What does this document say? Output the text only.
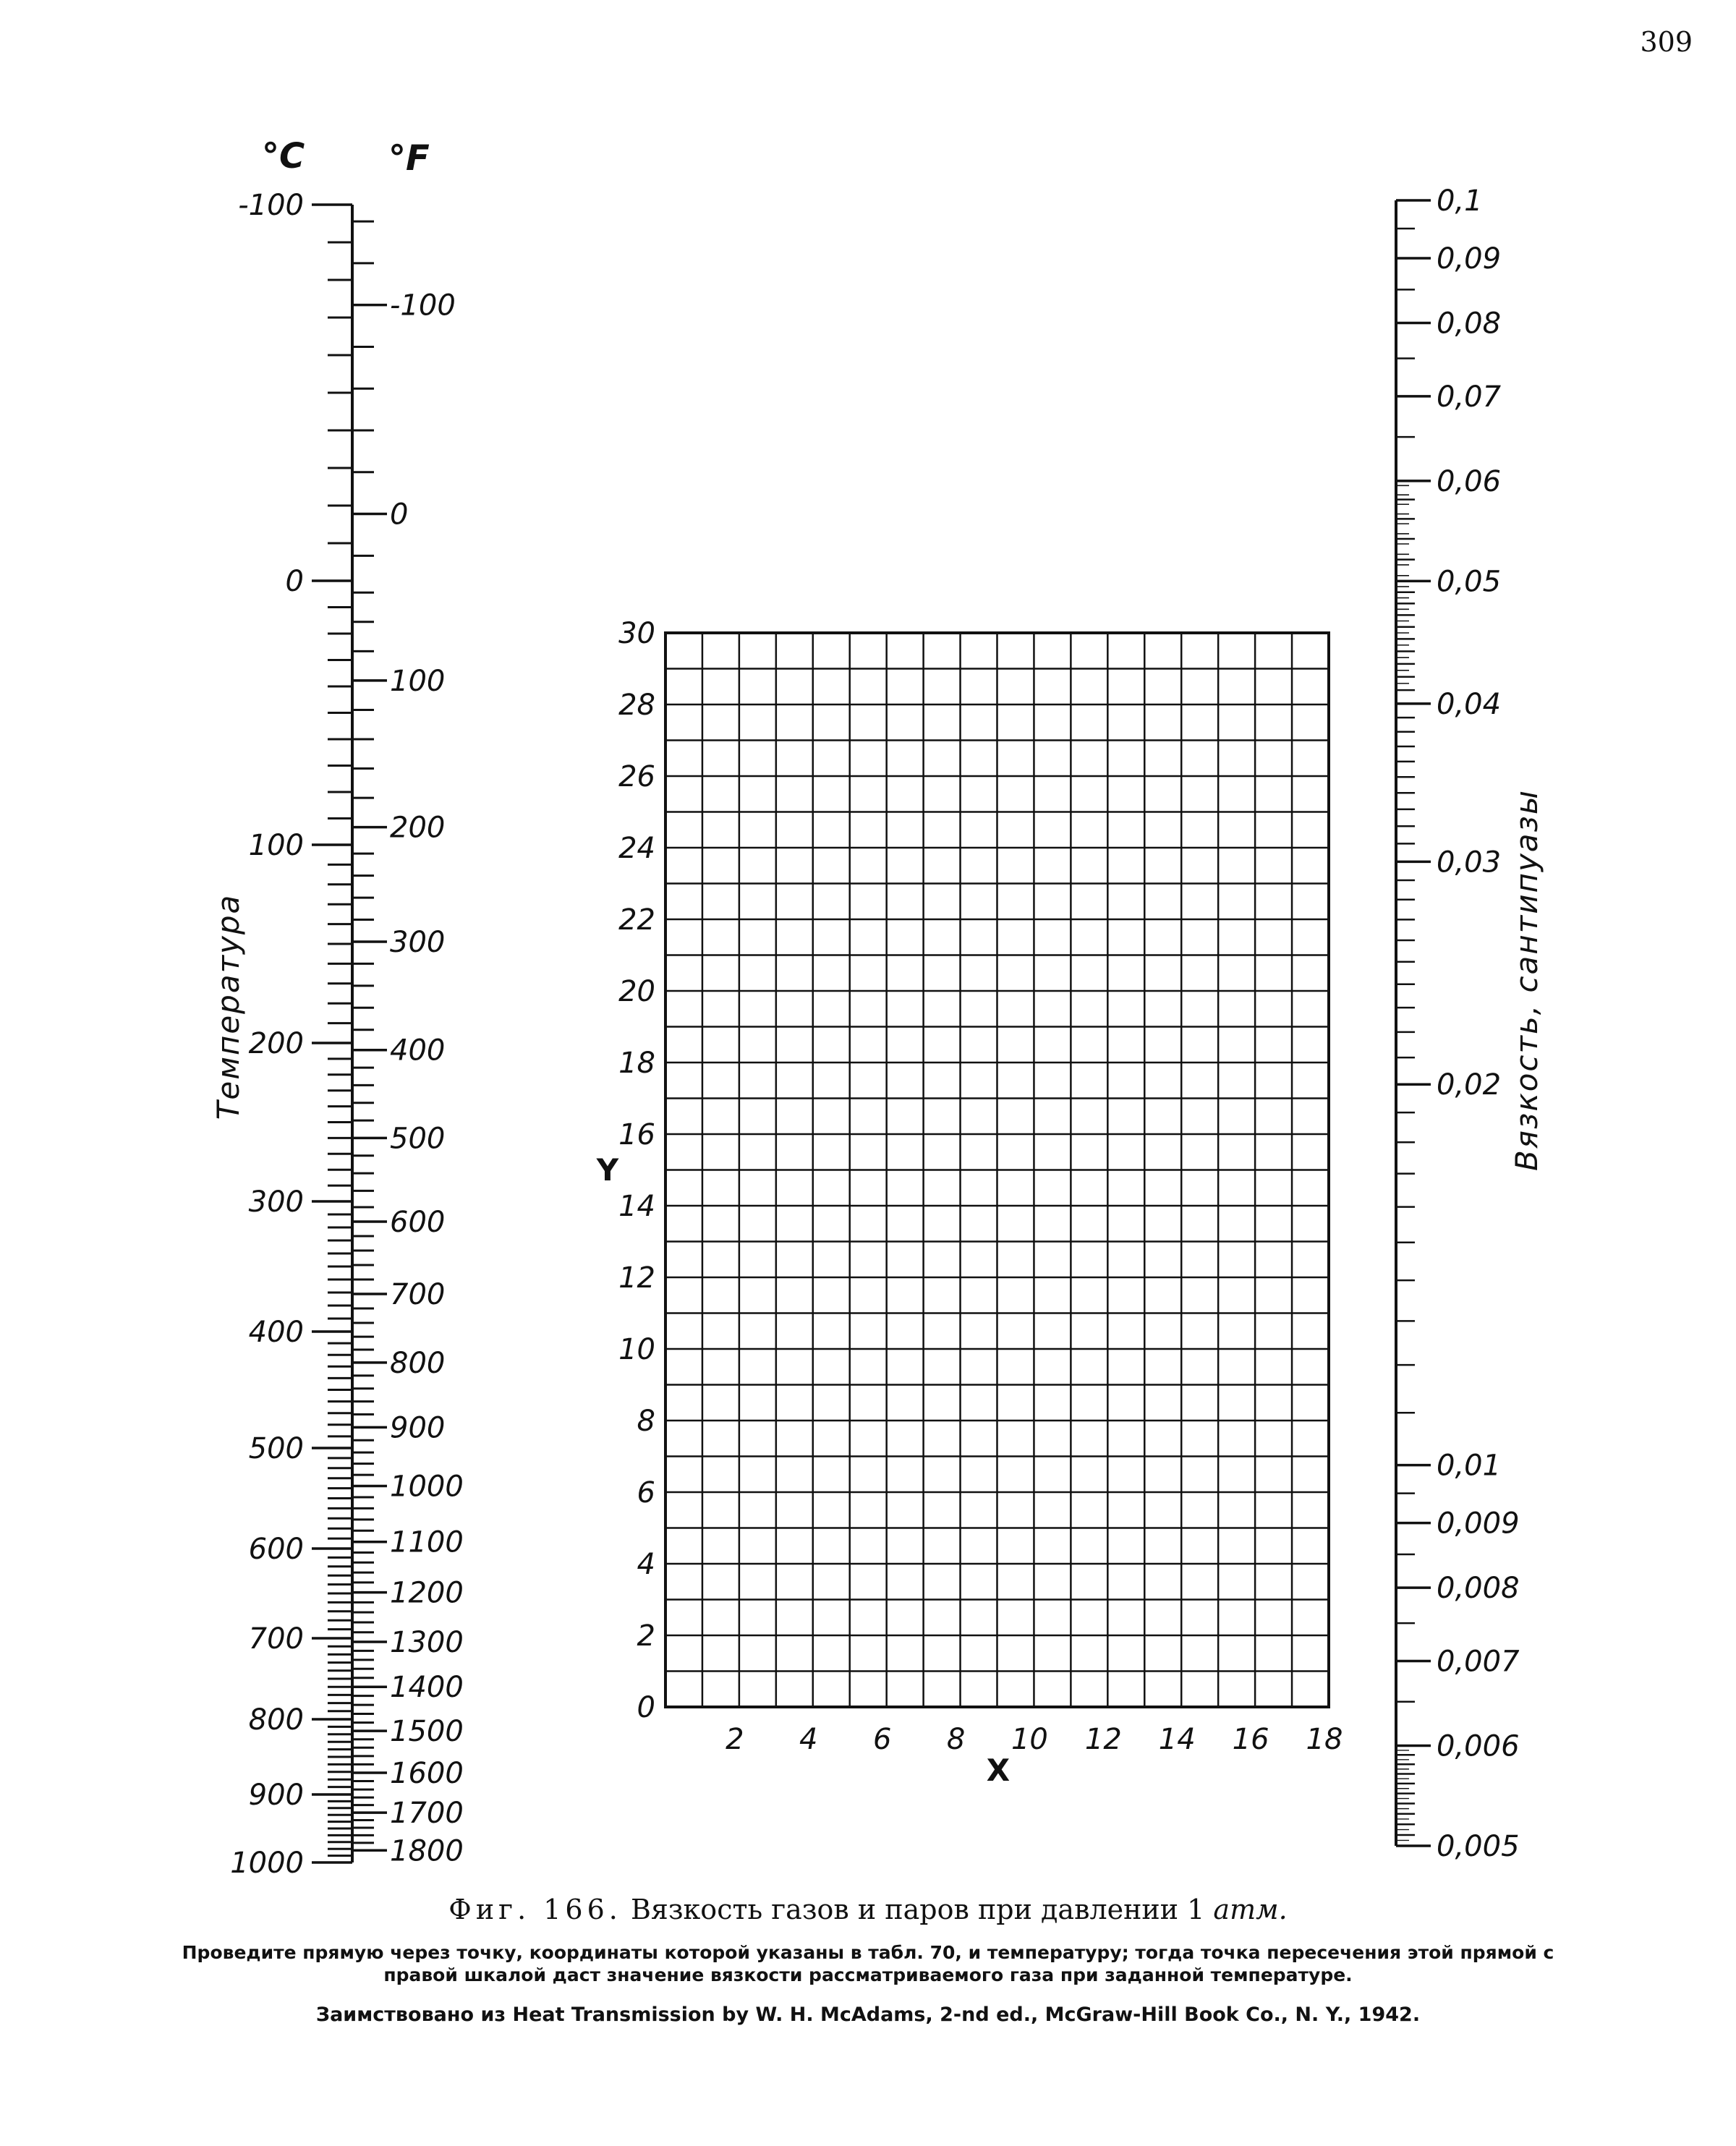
309
°C °F
-100
0
100
200
300
400
500
600
700
800
900
1000
-100
0
100
200
300
400
500
600
700
800
900
1000
1100
1200
1300
1400
1500
1600
1700
1800
Температура
0
2
4
6
8
10
12
14
16
18
20
22
24
26
28
30
2 4 6 8 10 12 14 16 18
Y
X
0,1
0,09
0,08
0,07
0,06
0,05
0,04
0,03
0,02
0,01
0,009
0,008
0,007
0,006
0,005
Вязкость, сантипуазы
Фиг. 166. Вязкость газов и паров при давлении 1 атм.
Проведите прямую через точку, координаты которой указаны в табл. 70, и температуру; тогда точка пересечения этой прямой с правой шкалой даст значение вязкости рассматриваемого газа при заданной температуре.
Заимствовано из Heat Transmission by W. H. McAdams, 2-nd ed., McGraw-Hill Book Co., N. Y., 1942.
